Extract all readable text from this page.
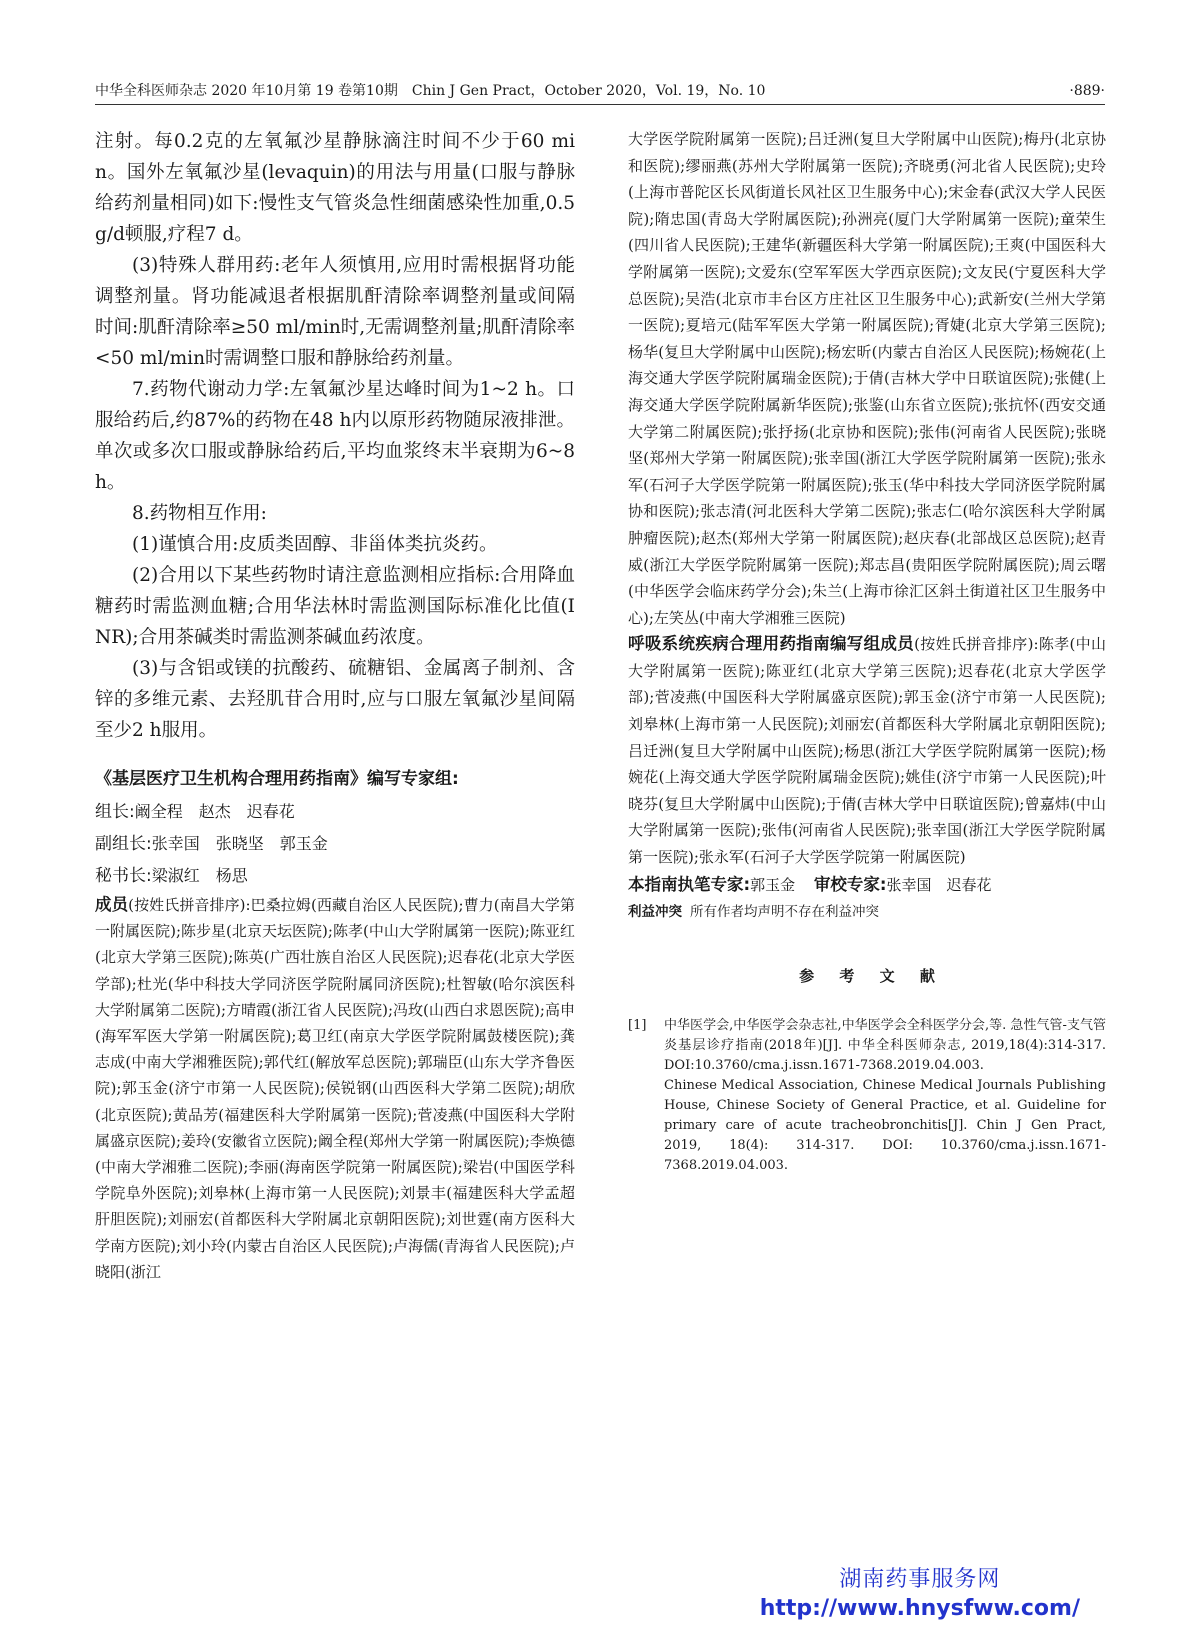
中华全科医师杂志 2020 年10月第 19 卷第10期　Chin J Gen Pract，October 2020，Vol. 19，No. 10	·889·

注射。每0.2克的左氧氟沙星静脉滴注时间不少于60 min。国外左氧氟沙星(levaquin)的用法与用量(口服与静脉给药剂量相同)如下:慢性支气管炎急性细菌感染性加重,0.5 g/d顿服,疗程7 d。

(3)特殊人群用药:老年人须慎用,应用时需根据肾功能调整剂量。肾功能减退者根据肌酐清除率调整剂量或间隔时间:肌酐清除率≥50 ml/min时,无需调整剂量;肌酐清除率<50 ml/min时需调整口服和静脉给药剂量。

7.药物代谢动力学:左氧氟沙星达峰时间为1~2 h。口服给药后,约87%的药物在48 h内以原形药物随尿液排泄。单次或多次口服或静脉给药后,平均血浆终末半衰期为6~8 h。

8.药物相互作用:

(1)谨慎合用:皮质类固醇、非甾体类抗炎药。

(2)合用以下某些药物时请注意监测相应指标:合用降血糖药时需监测血糖;合用华法林时需监测国际标准化比值(INR);合用茶碱类时需监测茶碱血药浓度。

(3)与含铝或镁的抗酸药、硫糖铝、金属离子制剂、含锌的多维元素、去羟肌苷合用时,应与口服左氧氟沙星间隔至少2 h服用。

《基层医疗卫生机构合理用药指南》编写专家组:

组长:阚全程　赵杰　迟春花

副组长:张幸国　张晓坚　郭玉金

秘书长:梁淑红　杨思

成员(按姓氏拼音排序):巴桑拉姆(西藏自治区人民医院);曹力(南昌大学第一附属医院);陈步星(北京天坛医院);陈孝(中山大学附属第一医院);陈亚红(北京大学第三医院);陈英(广西壮族自治区人民医院);迟春花(北京大学医学部);杜光(华中科技大学同济医学院附属同济医院);杜智敏(哈尔滨医科大学附属第二医院);方晴霞(浙江省人民医院);冯玫(山西白求恩医院);高申(海军军医大学第一附属医院);葛卫红(南京大学医学院附属鼓楼医院);龚志成(中南大学湘雅医院);郭代红(解放军总医院);郭瑞臣(山东大学齐鲁医院);郭玉金(济宁市第一人民医院);侯锐钢(山西医科大学第二医院);胡欣(北京医院);黄品芳(福建医科大学附属第一医院);菅凌燕(中国医科大学附属盛京医院);姜玲(安徽省立医院);阚全程(郑州大学第一附属医院);李焕德(中南大学湘雅二医院);李丽(海南医学院第一附属医院);梁岩(中国医学科学院阜外医院);刘皋林(上海市第一人民医院);刘景丰(福建医科大学孟超肝胆医院);刘丽宏(首都医科大学附属北京朝阳医院);刘世霆(南方医科大学南方医院);刘小玲(内蒙古自治区人民医院);卢海儒(青海省人民医院);卢晓阳(浙江

大学医学院附属第一医院);吕迁洲(复旦大学附属中山医院);梅丹(北京协和医院);缪丽燕(苏州大学附属第一医院);齐晓勇(河北省人民医院);史玲(上海市普陀区长风街道长风社区卫生服务中心);宋金春(武汉大学人民医院);隋忠国(青岛大学附属医院);孙洲亮(厦门大学附属第一医院);童荣生(四川省人民医院);王建华(新疆医科大学第一附属医院);王爽(中国医科大学附属第一医院);文爱东(空军军医大学西京医院);文友民(宁夏医科大学总医院);吴浩(北京市丰台区方庄社区卫生服务中心);武新安(兰州大学第一医院);夏培元(陆军军医大学第一附属医院);胥婕(北京大学第三医院);杨华(复旦大学附属中山医院);杨宏昕(内蒙古自治区人民医院);杨婉花(上海交通大学医学院附属瑞金医院);于倩(吉林大学中日联谊医院);张健(上海交通大学医学院附属新华医院);张鉴(山东省立医院);张抗怀(西安交通大学第二附属医院);张抒扬(北京协和医院);张伟(河南省人民医院);张晓坚(郑州大学第一附属医院);张幸国(浙江大学医学院附属第一医院);张永军(石河子大学医学院第一附属医院);张玉(华中科技大学同济医学院附属协和医院);张志清(河北医科大学第二医院);张志仁(哈尔滨医科大学附属肿瘤医院);赵杰(郑州大学第一附属医院);赵庆春(北部战区总医院);赵青威(浙江大学医学院附属第一医院);郑志昌(贵阳医学院附属医院);周云曙(中华医学会临床药学分会);朱兰(上海市徐汇区斜土街道社区卫生服务中心);左笑丛(中南大学湘雅三医院)

呼吸系统疾病合理用药指南编写组成员(按姓氏拼音排序):陈孝(中山大学附属第一医院);陈亚红(北京大学第三医院);迟春花(北京大学医学部);菅凌燕(中国医科大学附属盛京医院);郭玉金(济宁市第一人民医院);刘皋林(上海市第一人民医院);刘丽宏(首都医科大学附属北京朝阳医院);吕迁洲(复旦大学附属中山医院);杨思(浙江大学医学院附属第一医院);杨婉花(上海交通大学医学院附属瑞金医院);姚佳(济宁市第一人民医院);叶晓芬(复旦大学附属中山医院);于倩(吉林大学中日联谊医院);曾嘉炜(中山大学附属第一医院);张伟(河南省人民医院);张幸国(浙江大学医学院附属第一医院);张永军(石河子大学医学院第一附属医院)

本指南执笔专家:郭玉金 审校专家:张幸国　迟春花

利益冲突 所有作者均声明不存在利益冲突

参 考 文 献
[1] 中华医学会,中华医学会杂志社,中华医学会全科医学分会,等. 急性气管-支气管炎基层诊疗指南(2018年)[J]. 中华全科医师杂志, 2019,18(4):314-317. DOI:10.3760/cma.j.issn.1671-7368.2019.04.003.

Chinese Medical Association, Chinese Medical Journals Publishing House, Chinese Society of General Practice, et al. Guideline for primary care of acute tracheobronchitis[J]. Chin J Gen Pract, 2019, 18(4): 314-317. DOI: 10.3760/cma.j.issn.1671-7368.2019.04.003.

湖南药事服务网
http://www.hnysfww.com/
